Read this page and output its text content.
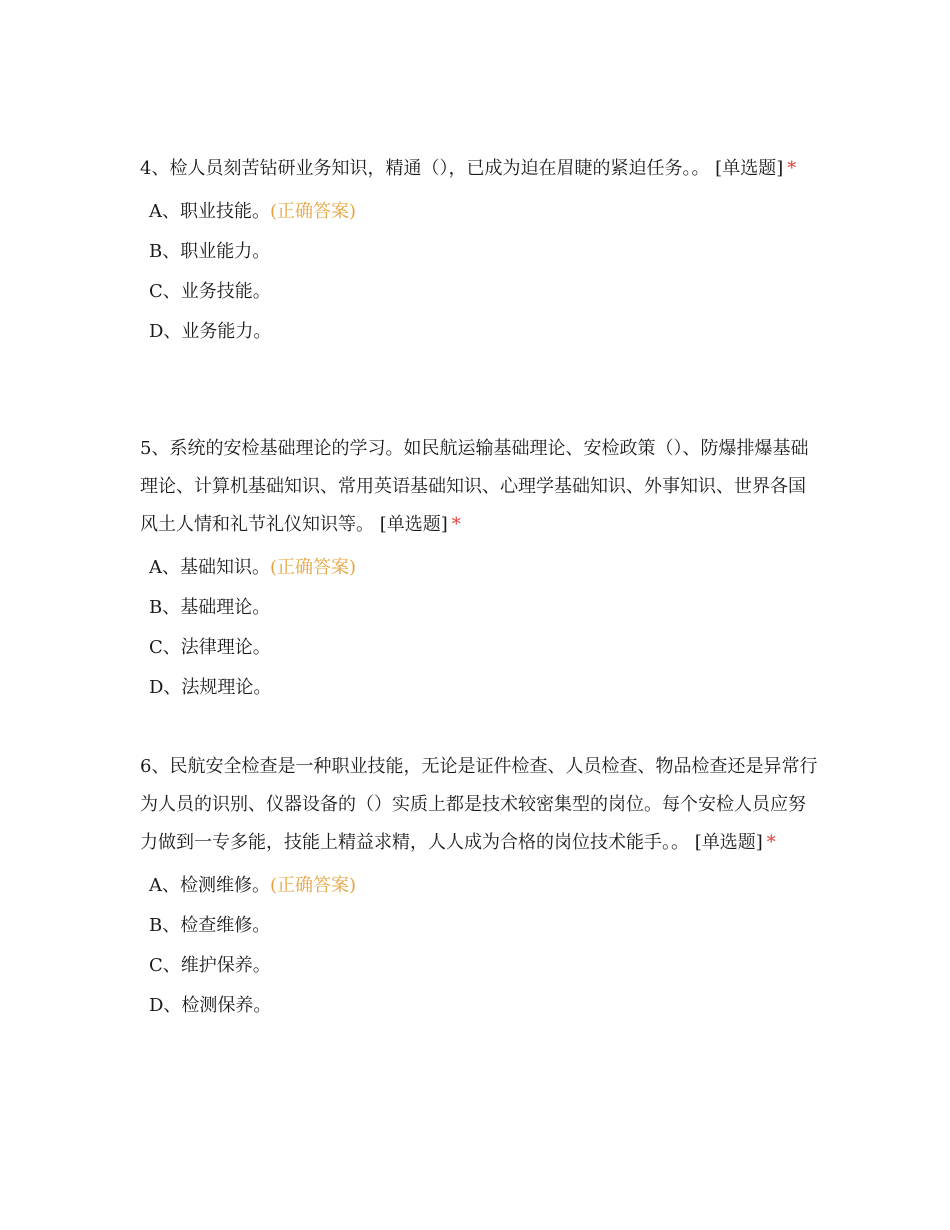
4、检人员刻苦钻研业务知识，精通（），已成为迫在眉睫的紧迫任务。。 [单选题] *

A、职业技能。(正确答案)
B、职业能力。
C、业务技能。
D、业务能力。

5、系统的安检基础理论的学习。如民航运输基础理论、安检政策（）、防爆排爆基础理论、计算机基础知识、常用英语基础知识、心理学基础知识、外事知识、世界各国风土人情和礼节礼仪知识等。 [单选题] *

A、基础知识。(正确答案)
B、基础理论。
C、法律理论。
D、法规理论。

6、民航安全检查是一种职业技能，无论是证件检查、人员检查、物品检查还是异常行为人员的识别、仪器设备的（）实质上都是技术较密集型的岗位。每个安检人员应努力做到一专多能，技能上精益求精，人人成为合格的岗位技术能手。。 [单选题] *

A、检测维修。(正确答案)
B、检查维修。
C、维护保养。
D、检测保养。
